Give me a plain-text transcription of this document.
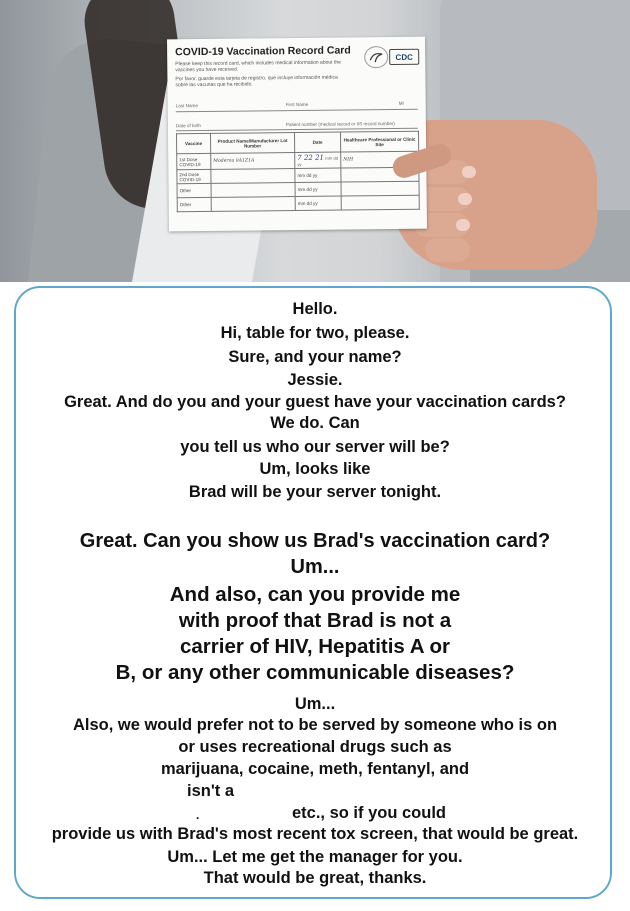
COVID-19 Vaccination Record Card
Please keep this record card, which includes medical information about the vaccines you have received.
Por favor, guarde esta tarjeta de registro, que incluye información médica sobre las vacunas que ha recibido.
CDC
Last Name	First Name	MI
Date of birth	Patient number (medical record or IIS record number)
Vaccine	Product Name/Manufacturer Lot Number	Date	Healthcare Professional or Clinic Site
1st Dose COVID-19	Moderna 0A1Z1A	7 22 21 mm dd yy	NIH
2nd Dose COVID-19		mm dd yy	
Other		mm dd yy	
Other		mm dd yy	
Hello.
Hi, table for two, please.
Sure, and your name?
Jessie.
Great. And do you and your guest have your vaccination cards?
We do. Can
you tell us who our server will be?
Um, looks like
Brad will be your server tonight.
Great. Can you show us Brad's vaccination card?
Um...
And also, can you provide me
with proof that Brad is not a
carrier of HIV, Hepatitis A or
B, or any other communicable diseases?
Um...
Also, we would prefer not to be served by someone who is on
or uses recreational drugs such as
marijuana, cocaine, meth, fentanyl, and
isn't a
.	etc., so if you could
provide us with Brad's most recent tox screen, that would be great.
Um... Let me get the manager for you.
That would be great, thanks.
